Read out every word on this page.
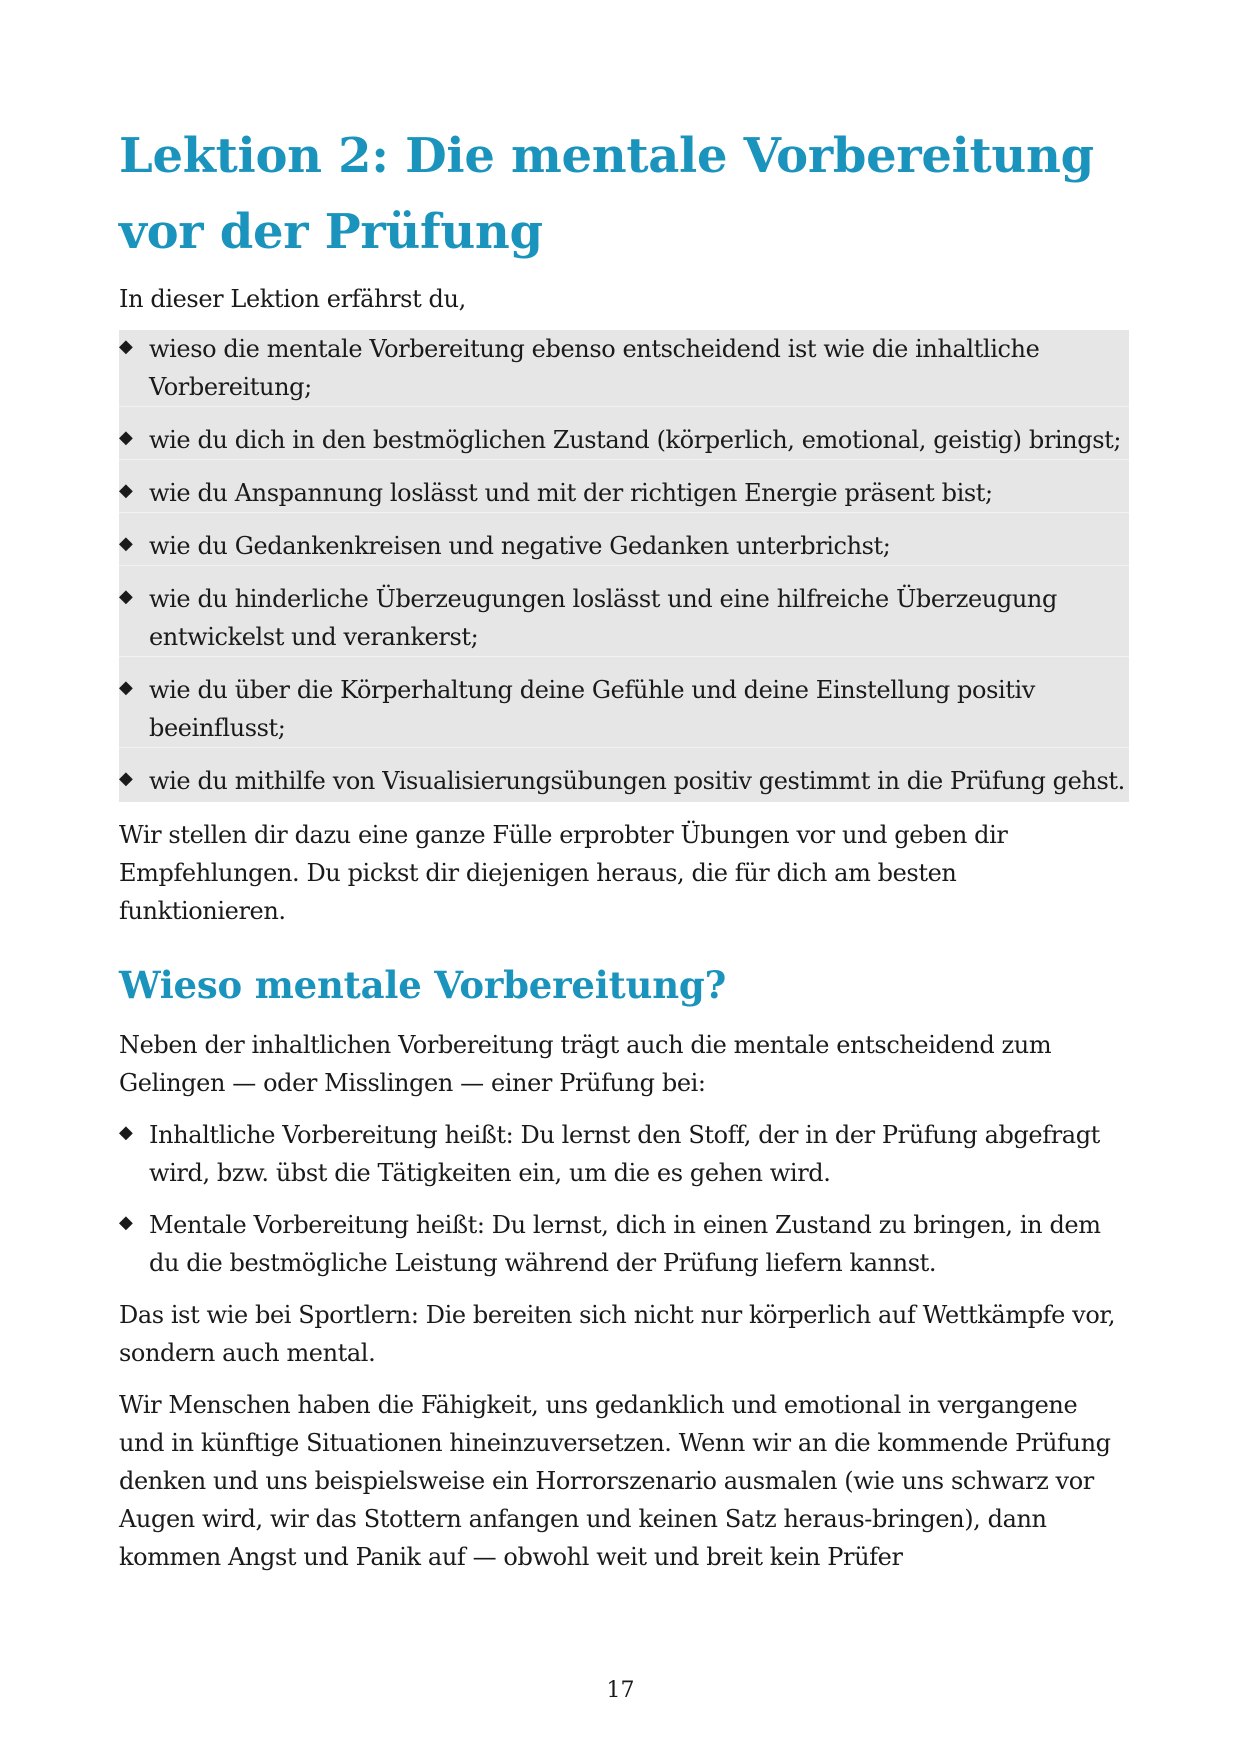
Lektion 2: Die mentale Vorbereitung vor der Prüfung

In dieser Lektion erfährst du,

◆ wieso die mentale Vorbereitung ebenso entscheidend ist wie die inhaltliche Vorbereitung;
◆ wie du dich in den bestmöglichen Zustand (körperlich, emotional, geistig) bringst;
◆ wie du Anspannung loslässt und mit der richtigen Energie präsent bist;
◆ wie du Gedankenkreisen und negative Gedanken unterbrichst;
◆ wie du hinderliche Überzeugungen loslässt und eine hilfreiche Überzeugung entwickelst und verankerst;
◆ wie du über die Körperhaltung deine Gefühle und deine Einstellung positiv beeinflusst;
◆ wie du mithilfe von Visualisierungsübungen positiv gestimmt in die Prüfung gehst.

Wir stellen dir dazu eine ganze Fülle erprobter Übungen vor und geben dir Empfehlungen. Du pickst dir diejenigen heraus, die für dich am besten funktionieren.

Wieso mentale Vorbereitung?

Neben der inhaltlichen Vorbereitung trägt auch die mentale entscheidend zum Gelingen — oder Misslingen — einer Prüfung bei:

◆ Inhaltliche Vorbereitung heißt: Du lernst den Stoff, der in der Prüfung abgefragt wird, bzw. übst die Tätigkeiten ein, um die es gehen wird.
◆ Mentale Vorbereitung heißt: Du lernst, dich in einen Zustand zu bringen, in dem du die bestmögliche Leistung während der Prüfung liefern kannst.

Das ist wie bei Sportlern: Die bereiten sich nicht nur körperlich auf Wettkämpfe vor, sondern auch mental.

Wir Menschen haben die Fähigkeit, uns gedanklich und emotional in vergangene und in künftige Situationen hineinzuversetzen. Wenn wir an die kommende Prüfung denken und uns beispielsweise ein Horrorszenario ausmalen (wie uns schwarz vor Augen wird, wir das Stottern anfangen und keinen Satz heraus-bringen), dann kommen Angst und Panik auf — obwohl weit und breit kein Prüfer

17
